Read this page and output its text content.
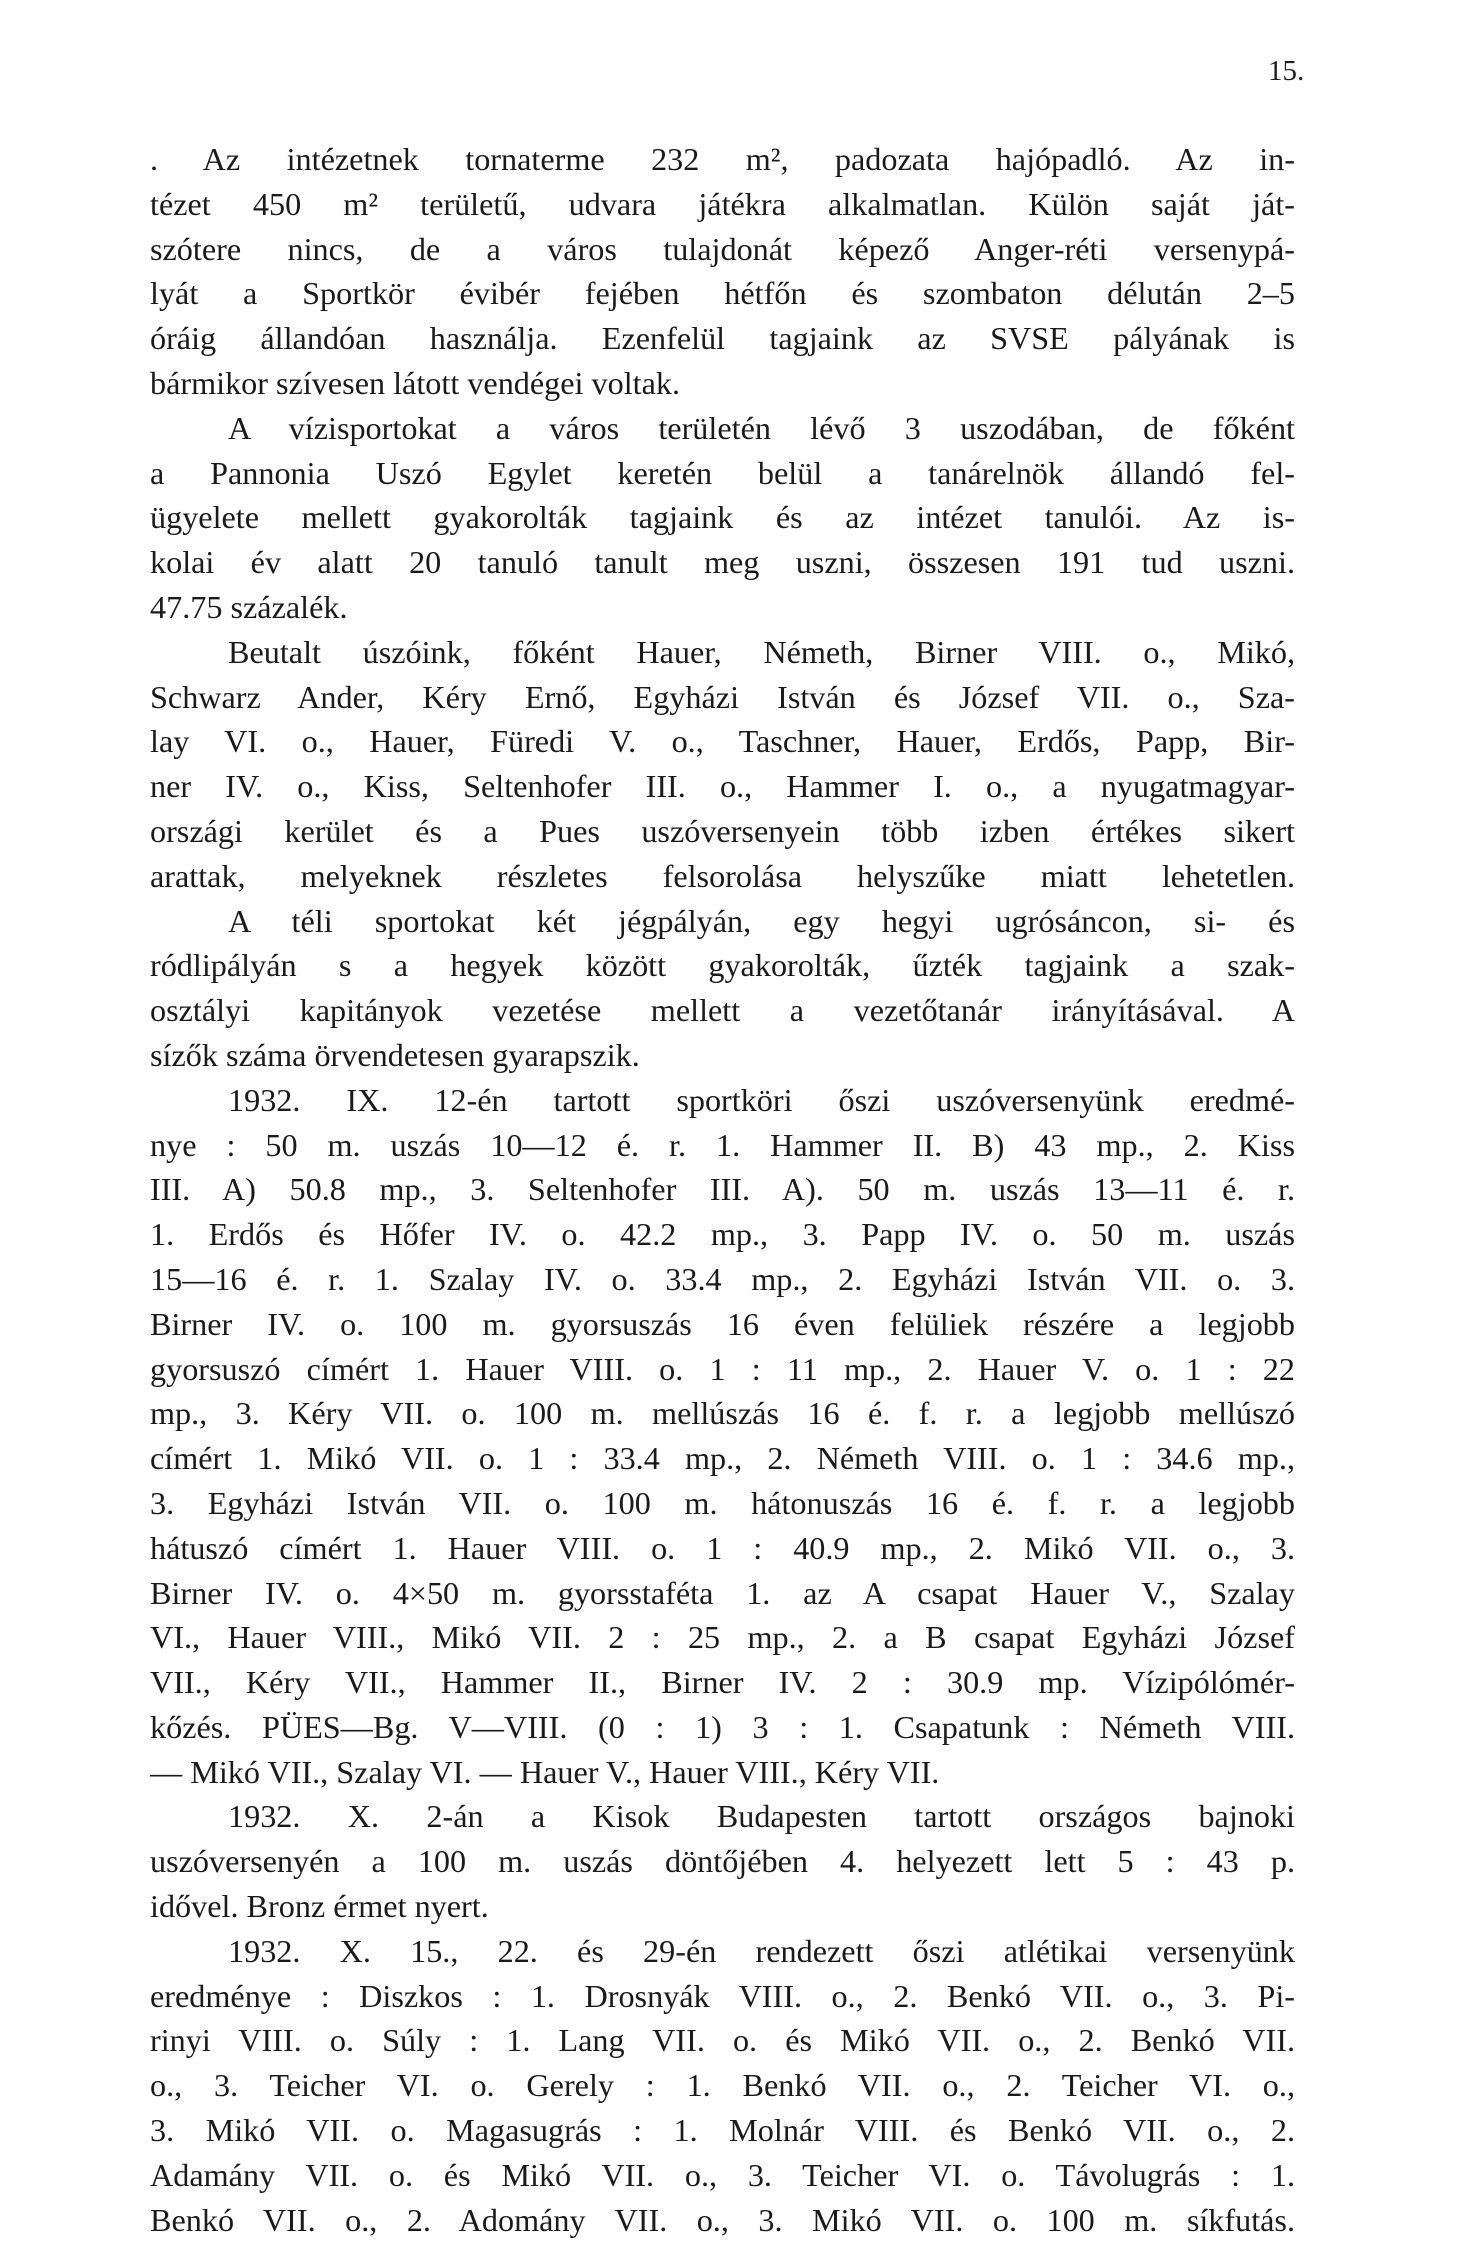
15.
. Az intézetnek tornaterme 232 m², padozata hajópadló. Az in-
tézet 450 m² területű, udvara játékra alkalmatlan. Külön saját ját-
szótere nincs, de a város tulajdonát képező Anger-réti versenypá-
lyát a Sportkör évibér fejében hétfőn és szombaton délután 2–5
óráig állandóan használja. Ezenfelül tagjaink az SVSE pályának is
bármikor szívesen látott vendégei voltak.
A vízisportokat a város területén lévő 3 uszodában, de főként
a Pannonia Uszó Egylet keretén belül a tanárelnök állandó fel-
ügyelete mellett gyakorolták tagjaink és az intézet tanulói. Az is-
kolai év alatt 20 tanuló tanult meg uszni, összesen 191 tud uszni.
47.75 százalék.
Beutalt úszóink, főként Hauer, Németh, Birner VIII. o., Mikó,
Schwarz Ander, Kéry Ernő, Egyházi István és József VII. o., Sza-
lay VI. o., Hauer, Füredi V. o., Taschner, Hauer, Erdős, Papp, Bir-
ner IV. o., Kiss, Seltenhofer III. o., Hammer I. o., a nyugatmagyar-
országi kerület és a Pues uszóversenyein több izben értékes sikert
arattak, melyeknek részletes felsorolása helyszűke miatt lehetetlen.
A téli sportokat két jégpályán, egy hegyi ugrósáncon, si- és
ródlipályán s a hegyek között gyakorolták, űzték tagjaink a szak-
osztályi kapitányok vezetése mellett a vezetőtanár irányításával. A
sízők száma örvendetesen gyarapszik.
1932. IX. 12-én tartott sportköri őszi uszóversenyünk eredmé-
nye : 50 m. uszás 10—12 é. r. 1. Hammer II. B) 43 mp., 2. Kiss
III. A) 50.8 mp., 3. Seltenhofer III. A). 50 m. uszás 13—11 é. r.
1. Erdős és Hőfer IV. o. 42.2 mp., 3. Papp IV. o. 50 m. uszás
15—16 é. r. 1. Szalay IV. o. 33.4 mp., 2. Egyházi István VII. o. 3.
Birner IV. o. 100 m. gyorsuszás 16 éven felüliek részére a legjobb
gyorsuszó címért 1. Hauer VIII. o. 1 : 11 mp., 2. Hauer V. o. 1 : 22
mp., 3. Kéry VII. o. 100 m. mellúszás 16 é. f. r. a legjobb mellúszó
címért 1. Mikó VII. o. 1 : 33.4 mp., 2. Németh VIII. o. 1 : 34.6 mp.,
3. Egyházi István VII. o. 100 m. hátonuszás 16 é. f. r. a legjobb
hátuszó címért 1. Hauer VIII. o. 1 : 40.9 mp., 2. Mikó VII. o., 3.
Birner IV. o. 4×50 m. gyorsstaféta 1. az A csapat Hauer V., Szalay
VI., Hauer VIII., Mikó VII. 2 : 25 mp., 2. a B csapat Egyházi József
VII., Kéry VII., Hammer II., Birner IV. 2 : 30.9 mp. Vízipólómér-
kőzés. PÜES—Bg. V—VIII. (0 : 1) 3 : 1. Csapatunk : Németh VIII.
— Mikó VII., Szalay VI. — Hauer V., Hauer VIII., Kéry VII.
1932. X. 2-án a Kisok Budapesten tartott országos bajnoki
uszóversenyén a 100 m. uszás döntőjében 4. helyezett lett 5 : 43 p.
idővel. Bronz érmet nyert.
1932. X. 15., 22. és 29-én rendezett őszi atlétikai versenyünk
eredménye : Diszkos : 1. Drosnyák VIII. o., 2. Benkó VII. o., 3. Pi-
rinyi VIII. o. Súly : 1. Lang VII. o. és Mikó VII. o., 2. Benkó VII.
o., 3. Teicher VI. o. Gerely : 1. Benkó VII. o., 2. Teicher VI. o.,
3. Mikó VII. o. Magasugrás : 1. Molnár VIII. és Benkó VII. o., 2.
Adamány VII. o. és Mikó VII. o., 3. Teicher VI. o. Távolugrás : 1.
Benkó VII. o., 2. Adomány VII. o., 3. Mikó VII. o. 100 m. síkfutás.
